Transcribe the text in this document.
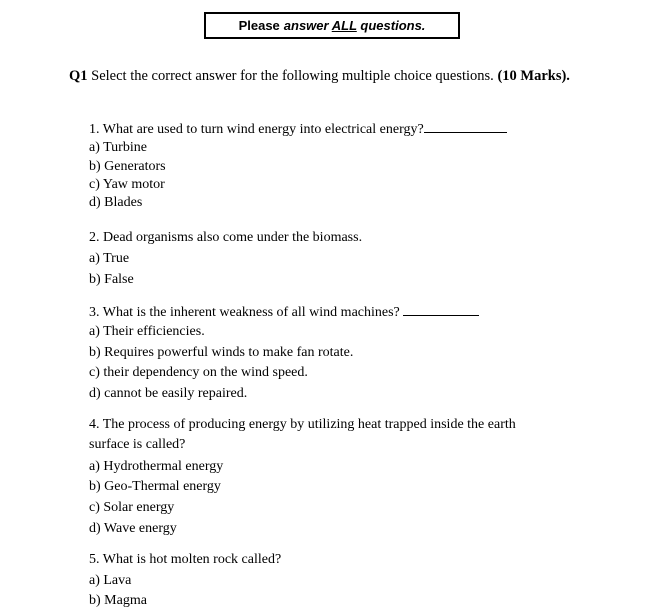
Please answer ALL questions.
Q1 Select the correct answer for the following multiple choice questions. (10 Marks).
1. What are used to turn wind energy into electrical energy?
a) Turbine
b) Generators
c) Yaw motor
d) Blades
2. Dead organisms also come under the biomass.
a) True
b) False
3. What is the inherent weakness of all wind machines?
a) Their efficiencies.
b) Requires powerful winds to make fan rotate.
c) their dependency on the wind speed.
d) cannot be easily repaired.
4. The process of producing energy by utilizing heat trapped inside the earth
surface is called?
a) Hydrothermal energy
b) Geo-Thermal energy
c) Solar energy
d) Wave energy
5. What is hot molten rock called?
a) Lava
b) Magma
